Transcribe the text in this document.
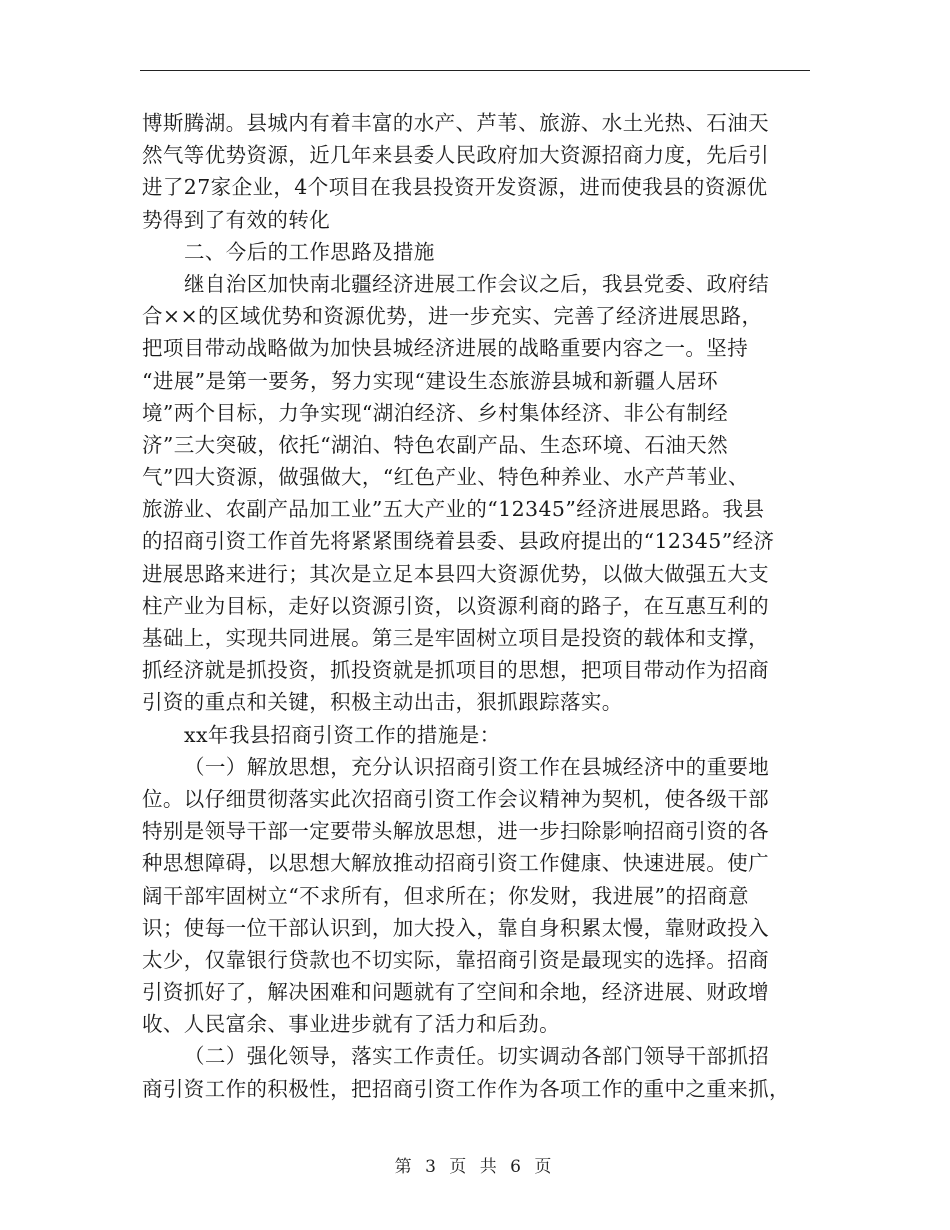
博斯腾湖。县城内有着丰富的水产、芦苇、旅游、水土光热、石油天
然气等优势资源，近几年来县委人民政府加大资源招商力度，先后引
进了27家企业，4个项目在我县投资开发资源，进而使我县的资源优
势得到了有效的转化
二、今后的工作思路及措施
继自治区加快南北疆经济进展工作会议之后，我县党委、政府结
合××的区域优势和资源优势，进一步充实、完善了经济进展思路，
把项目带动战略做为加快县城经济进展的战略重要内容之一。坚持
“进展”是第一要务，努力实现“建设生态旅游县城和新疆人居环
境”两个目标，力争实现“湖泊经济、乡村集体经济、非公有制经
济”三大突破，依托“湖泊、特色农副产品、生态环境、石油天然
气”四大资源，做强做大，“红色产业、特色种养业、水产芦苇业、
旅游业、农副产品加工业”五大产业的“12345”经济进展思路。我县
的招商引资工作首先将紧紧围绕着县委、县政府提出的“12345”经济
进展思路来进行；其次是立足本县四大资源优势，以做大做强五大支
柱产业为目标，走好以资源引资，以资源利商的路子，在互惠互利的
基础上，实现共同进展。第三是牢固树立项目是投资的载体和支撑，
抓经济就是抓投资，抓投资就是抓项目的思想，把项目带动作为招商
引资的重点和关键，积极主动出击，狠抓跟踪落实。
xx年我县招商引资工作的措施是：
（一）解放思想，充分认识招商引资工作在县城经济中的重要地
位。以仔细贯彻落实此次招商引资工作会议精神为契机，使各级干部
特别是领导干部一定要带头解放思想，进一步扫除影响招商引资的各
种思想障碍，以思想大解放推动招商引资工作健康、快速进展。使广
阔干部牢固树立“不求所有，但求所在；你发财，我进展”的招商意
识；使每一位干部认识到，加大投入，靠自身积累太慢，靠财政投入
太少，仅靠银行贷款也不切实际，靠招商引资是最现实的选择。招商
引资抓好了，解决困难和问题就有了空间和余地，经济进展、财政增
收、人民富余、事业进步就有了活力和后劲。
（二）强化领导，落实工作责任。切实调动各部门领导干部抓招
商引资工作的积极性，把招商引资工作作为各项工作的重中之重来抓，
第 3 页 共 6 页
